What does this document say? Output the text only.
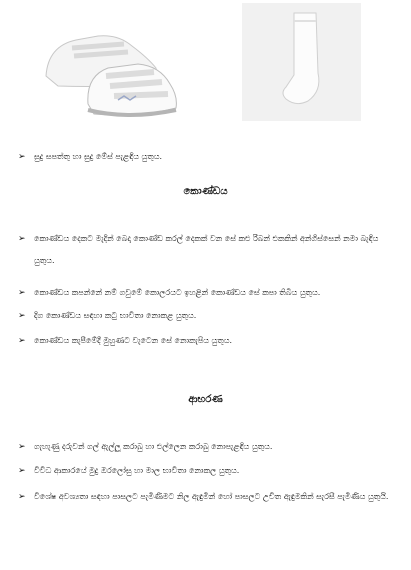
➢	සුදු සපත්තු හා සුදු මේස් පැළඳිය යුතුය.
කොණ්ඩය
➢	කොණ්ඩය දෙකට මැදින් බෙදා කොණ්ඩ කරල් දෙකක් වන සේ කළු රිබන් එකකින් අන්ගිස්සෙන් නමා බැඳිය යුතුය.
➢	කොණ්ඩය කපන්නේ නම් ගවුමේ කොලරයට ඉහළින් කොණ්ඩය සේ කපා තිබිය යුතුය.
➢	දිග කොණ්ඩය සඳහා කටු භාවිතා නොකළ යුතුය.
➢	කොණ්ඩය කැපීමේදී මුහුණට වැටෙන සේ නොකැපිය යුතුය.
ආභරණ
➢	ගැහැණු දරුවන් ගල් ඇල්ලූ කරාබු හා එල්ලෙන කරාබු නොපැළඳිය යුතුය.
➢	විවිධ ආකාරයේ මුදු ඔරලෝසු හා මාල භාවිතා නොකල යුතුය.
➢	විශේෂ අවශ්‍යතා සඳහා පාසලට පැමිණීමට නිල ඇඳුමින් හෝ පාසලට උචිත ඇඳුමකින් සැරසී පැමිණිය යුතුයි.
